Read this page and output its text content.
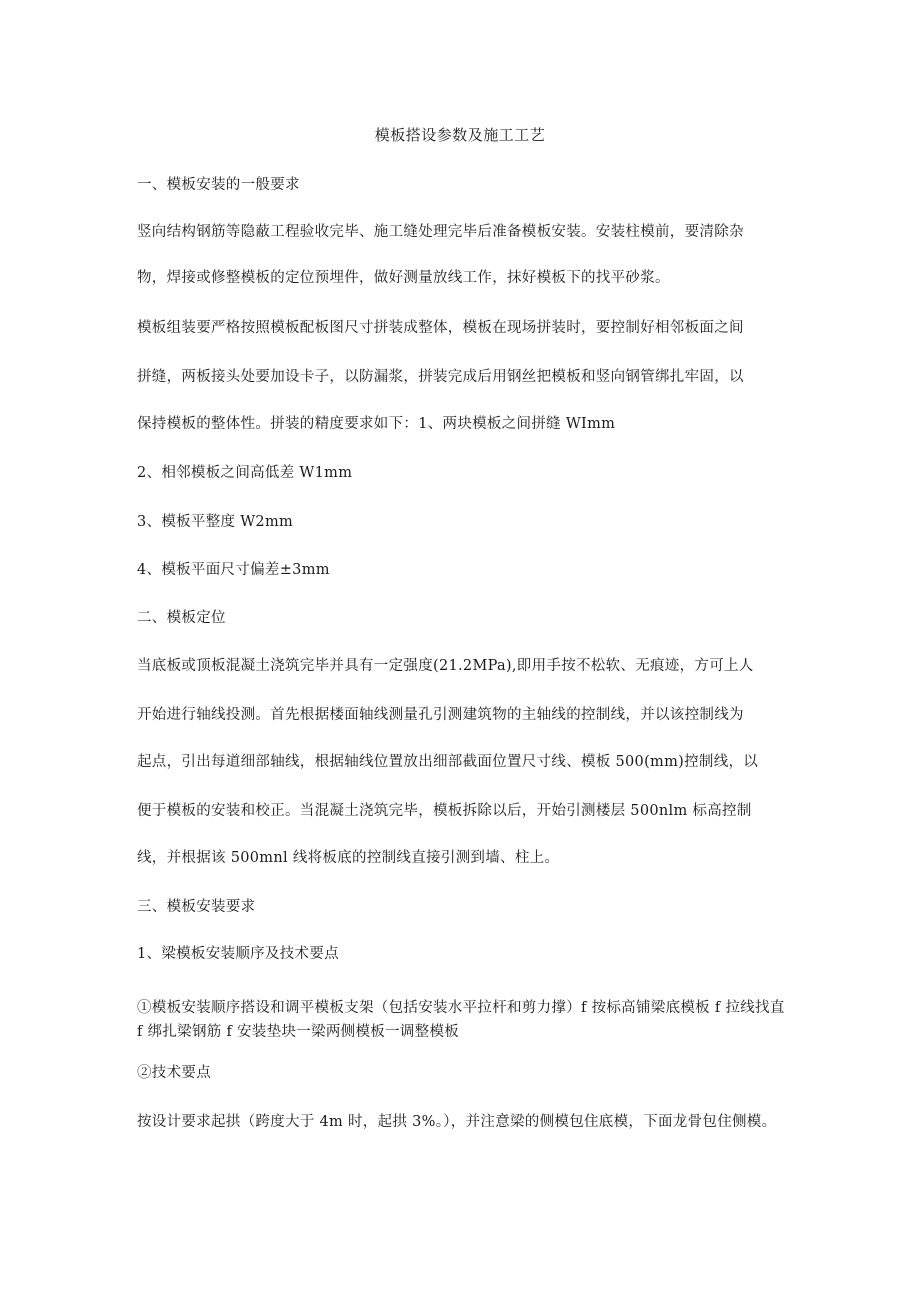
模板搭设参数及施工工艺
一、模板安装的一般要求
竖向结构钢筋等隐蔽工程验收完毕、施工缝处理完毕后准备模板安装。安装柱模前，要清除杂
物，焊接或修整模板的定位预埋件，做好测量放线工作，抹好模板下的找平砂浆。
模板组装要严格按照模板配板图尺寸拼装成整体，模板在现场拼装时，要控制好相邻板面之间
拼缝，两板接头处要加设卡子，以防漏浆，拼装完成后用钢丝把模板和竖向钢管绑扎牢固，以
保持模板的整体性。拼装的精度要求如下：1、两块模板之间拼缝 WImm
2、相邻模板之间高低差 W1mm
3、模板平整度 W2mm
4、模板平面尺寸偏差±3mm
二、模板定位
当底板或顶板混凝土浇筑完毕并具有一定强度(21.2MPa),即用手按不松软、无痕迹，方可上人
开始进行轴线投测。首先根据楼面轴线测量孔引测建筑物的主轴线的控制线，并以该控制线为
起点，引出每道细部轴线，根据轴线位置放出细部截面位置尺寸线、模板 500(mm)控制线，以
便于模板的安装和校正。当混凝土浇筑完毕，模板拆除以后，开始引测楼层 500nlm 标高控制
线，并根据该 500mnl 线将板底的控制线直接引测到墙、柱上。
三、模板安装要求
1、梁模板安装顺序及技术要点
①模板安装顺序搭设和调平模板支架（包括安装水平拉杆和剪力撑）f 按标高铺梁底模板 f 拉线找直 f 绑扎梁钢筋 f 安装垫块一梁两侧模板一调整模板
②技术要点
按设计要求起拱（跨度大于 4m 时，起拱 3%。），并注意梁的侧模包住底模，下面龙骨包住侧模。
